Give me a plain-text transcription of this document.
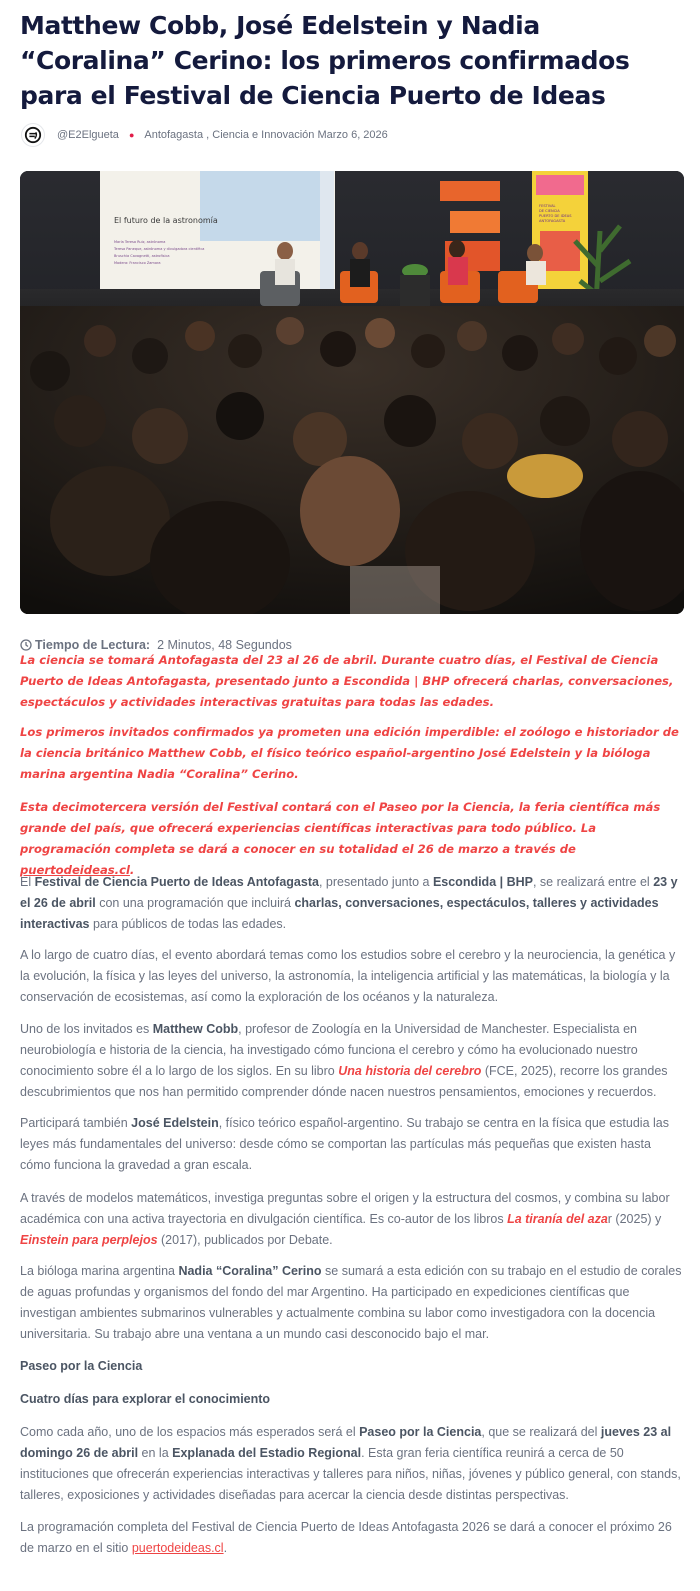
Matthew Cobb, José Edelstein y Nadia “Coralina” Cerino: los primeros confirmados para el Festival de Ciencia Puerto de Ideas
@E2Elgueta ● Antofagasta , Ciencia e Innovación
Marzo 6, 2026
El futuro de la astronomía
María Teresa Ruiz, astrónoma
Teresa Paneque, astrónoma y divulgadora científica
Bruschia Cavagnetti, astrofísica
Modera: Francisco Zamora
FESTIVAL
DE CIENCIA
PUERTO DE IDEAS
ANTOFAGASTA
Tiempo de Lectura: 2 Minutos, 48 Segundos

La ciencia se tomará Antofagasta del 23 al 26 de abril. Durante cuatro días, el Festival de Ciencia Puerto de Ideas Antofagasta, presentado junto a Escondida | BHP ofrecerá charlas, conversaciones, espectáculos y actividades interactivas gratuitas para todas las edades.

Los primeros invitados confirmados ya prometen una edición imperdible: el zoólogo e historiador de la ciencia británico Matthew Cobb, el físico teórico español-argentino José Edelstein y la bióloga marina argentina Nadia “Coralina” Cerino.

Esta decimotercera versión del Festival contará con el Paseo por la Ciencia, la feria científica más grande del país, que ofrecerá experiencias científicas interactivas para todo público. La programación completa se dará a conocer en su totalidad el 26 de marzo a través de puertodeideas.cl.

El Festival de Ciencia Puerto de Ideas Antofagasta, presentado junto a Escondida | BHP, se realizará entre el 23 y el 26 de abril con una programación que incluirá charlas, conversaciones, espectáculos, talleres y actividades interactivas para públicos de todas las edades.

A lo largo de cuatro días, el evento abordará temas como los estudios sobre el cerebro y la neurociencia, la genética y la evolución, la física y las leyes del universo, la astronomía, la inteligencia artificial y las matemáticas, la biología y la conservación de ecosistemas, así como la exploración de los océanos y la naturaleza.

Uno de los invitados es Matthew Cobb, profesor de Zoología en la Universidad de Manchester. Especialista en neurobiología e historia de la ciencia, ha investigado cómo funciona el cerebro y cómo ha evolucionado nuestro conocimiento sobre él a lo largo de los siglos. En su libro Una historia del cerebro (FCE, 2025), recorre los grandes descubrimientos que nos han permitido comprender dónde nacen nuestros pensamientos, emociones y recuerdos.

Participará también José Edelstein, físico teórico español-argentino. Su trabajo se centra en la física que estudia las leyes más fundamentales del universo: desde cómo se comportan las partículas más pequeñas que existen hasta cómo funciona la gravedad a gran escala.

A través de modelos matemáticos, investiga preguntas sobre el origen y la estructura del cosmos, y combina su labor académica con una activa trayectoria en divulgación científica. Es co-autor de los libros La tiranía del azar (2025) y Einstein para perplejos (2017), publicados por Debate.

La bióloga marina argentina Nadia “Coralina” Cerino se sumará a esta edición con su trabajo en el estudio de corales de aguas profundas y organismos del fondo del mar Argentino. Ha participado en expediciones científicas que investigan ambientes submarinos vulnerables y actualmente combina su labor como investigadora con la docencia universitaria. Su trabajo abre una ventana a un mundo casi desconocido bajo el mar.

Paseo por la Ciencia
Cuatro días para explorar el conocimiento

Como cada año, uno de los espacios más esperados será el Paseo por la Ciencia, que se realizará del jueves 23 al domingo 26 de abril en la Explanada del Estadio Regional. Esta gran feria científica reunirá a cerca de 50 instituciones que ofrecerán experiencias interactivas y talleres para niños, niñas, jóvenes y público general, con stands, talleres, exposiciones y actividades diseñadas para acercar la ciencia desde distintas perspectivas.

La programación completa del Festival de Ciencia Puerto de Ideas Antofagasta 2026 se dará a conocer el próximo 26 de marzo en el sitio puertodeideas.cl.
